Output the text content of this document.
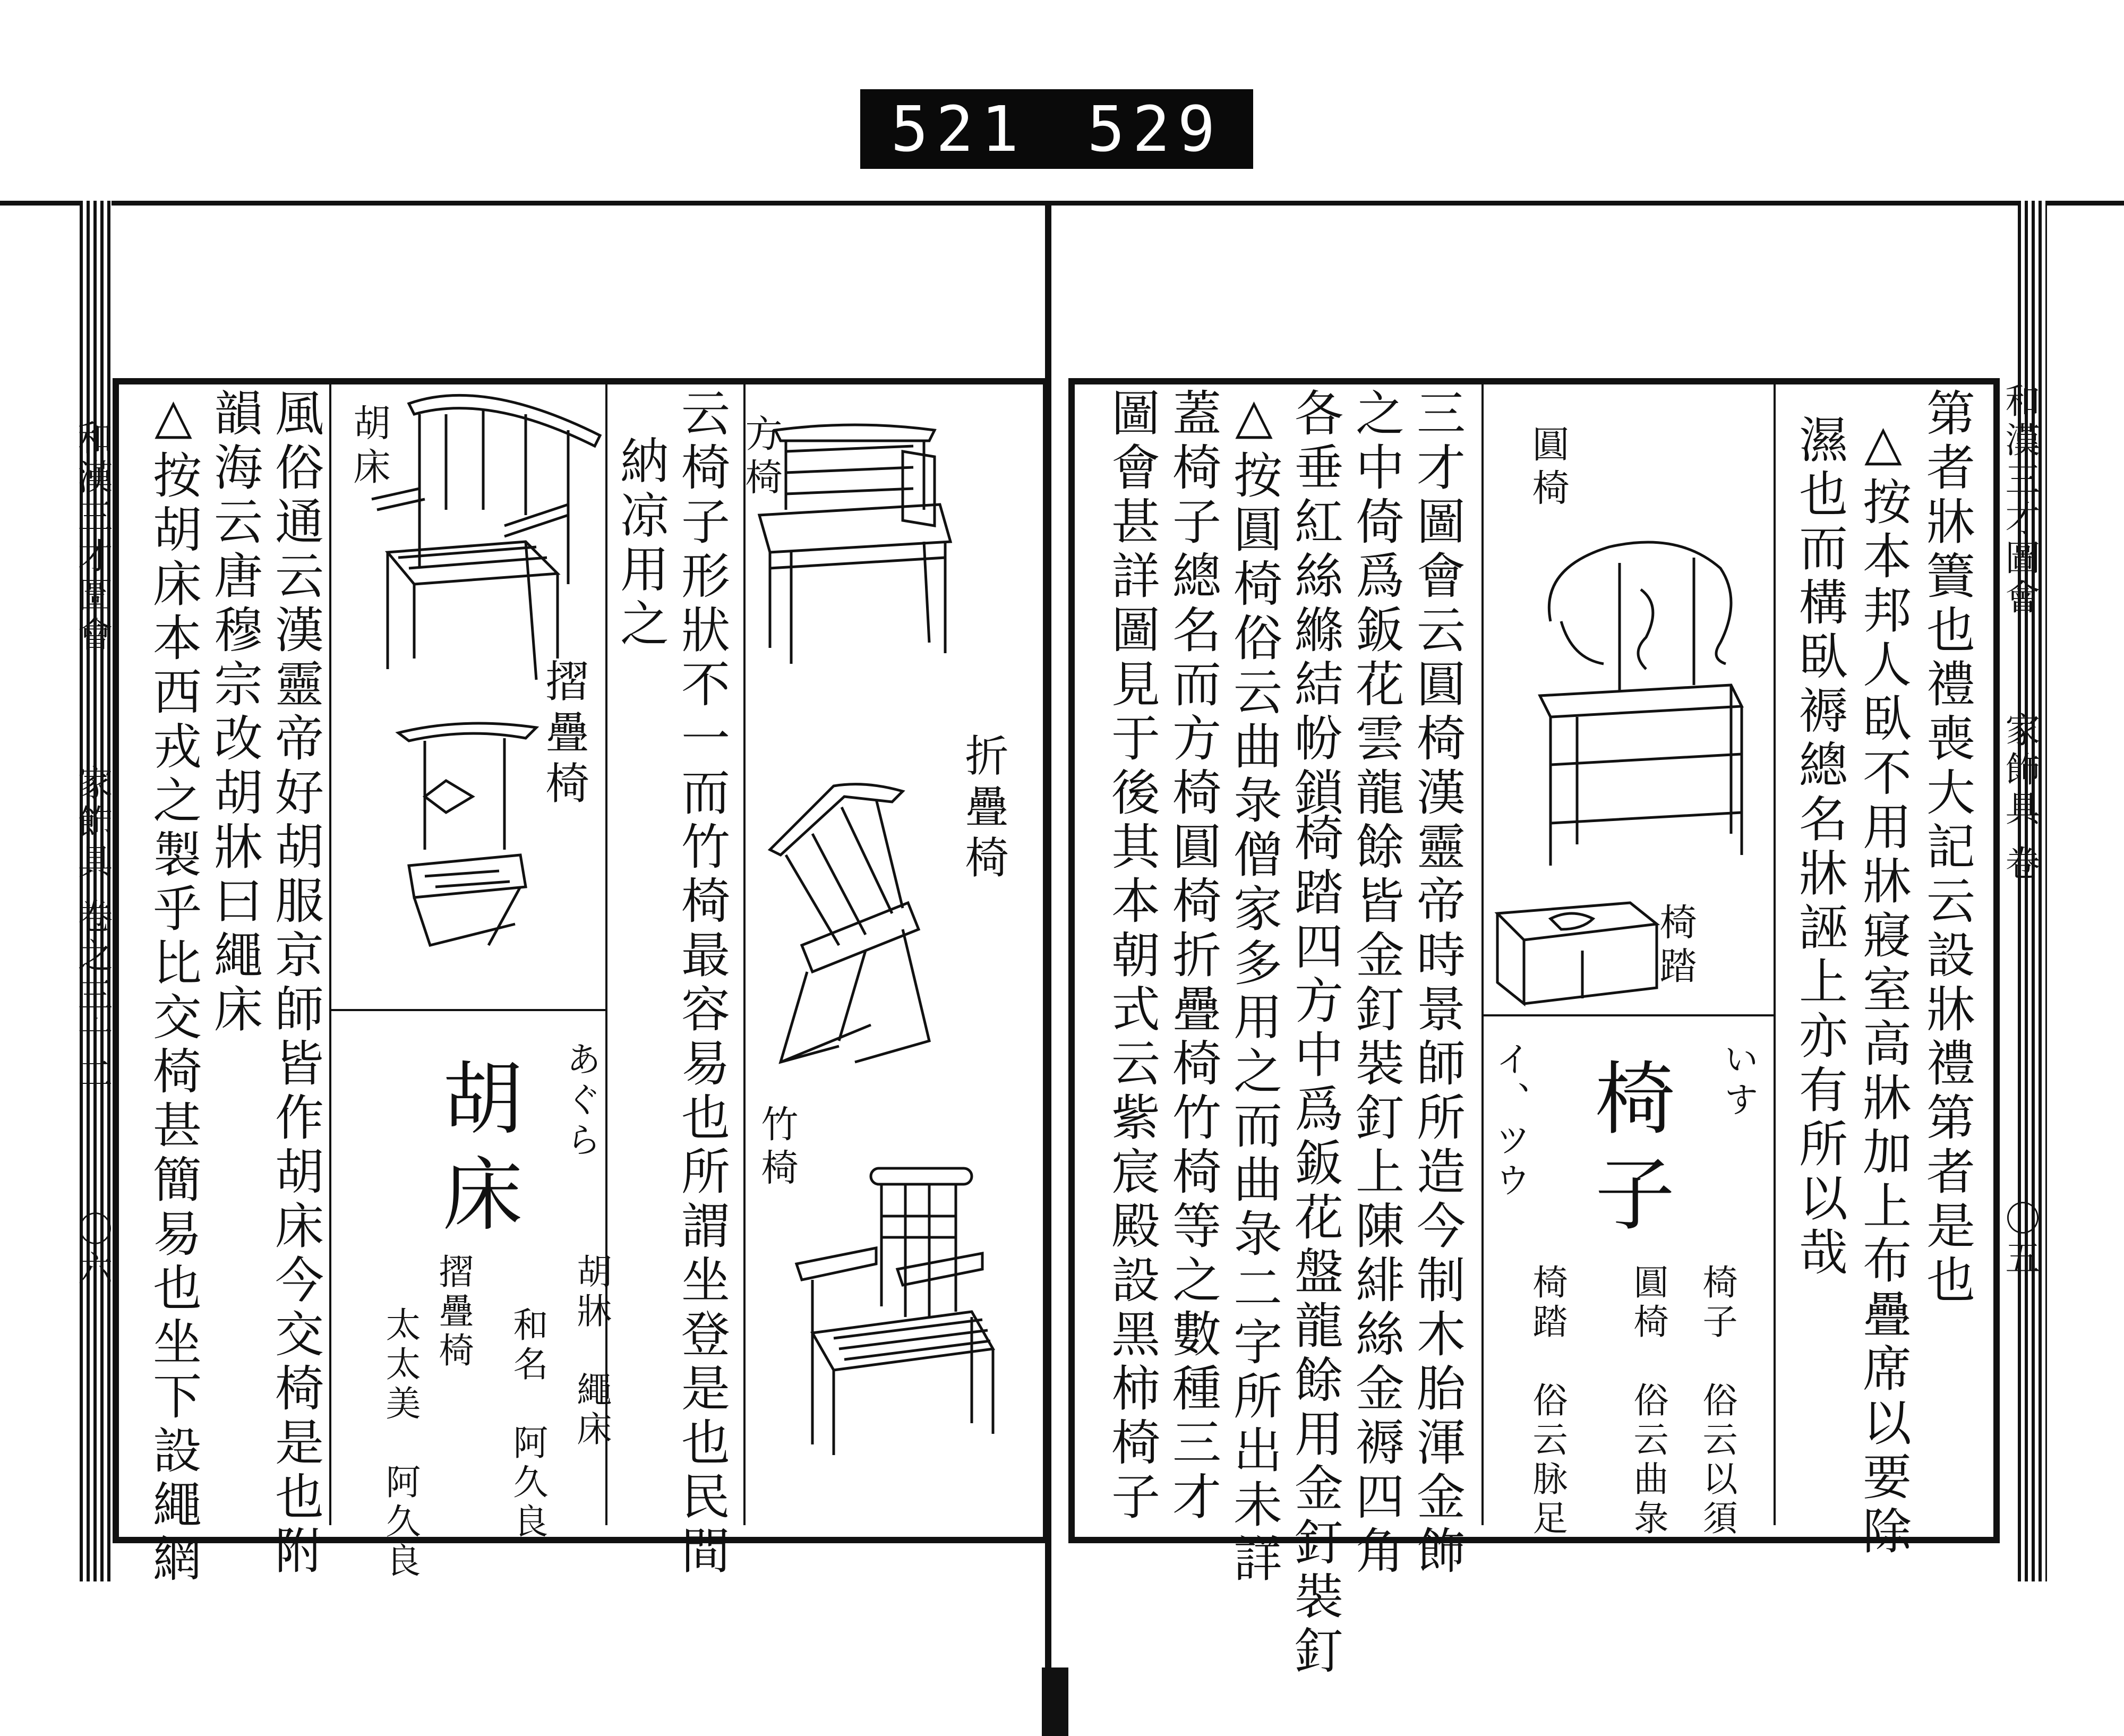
521 529
和漢三才圖會
家飾具 卷之三十二
〇六
方椅
折疊椅
竹椅
云椅子形狀不一而竹椅最容易也所謂坐登是也民間
納凉用之
胡床
摺疊椅
あぐら
胡床
胡牀　繩床
和名　阿久良
摺疊椅
太太美　阿久良
風俗通云漢靈帝好胡服京師皆作胡床今交椅是也附
韻海云唐穆宗改胡牀曰繩床
△按胡床本西戎之製乎比交椅甚簡易也坐下設繩網	和漢三才圖會
家飾具 卷
〇五
第者牀簀也禮喪大記云設牀禮第者是也
△按本邦人臥不用牀寢室高牀加上布疊席以要除
濕也而構臥褥總名牀誣上亦有所以哉
圓椅
椅踏
いす
椅子
イ、ツウ
椅子　俗云以須
圓椅　俗云曲彔
椅踏　俗云脉足
三才圖會云圓椅漢靈帝時景師所造今制木胎渾金飾
之中倚爲鈑花雲龍餘皆金釘裝釘上陳緋絲金褥四角
各垂紅絲縧結帉鎖
椅踏四方中爲鈑花盤龍餘用金釘裝釘
△按圓椅俗云曲彔僧家多用之而曲彔二字所出未詳
蓋椅子總名而方椅圓椅折疊椅竹椅等之數種三才
圖會甚詳圖見于後其本朝式云紫宸殿設黑柿椅子
